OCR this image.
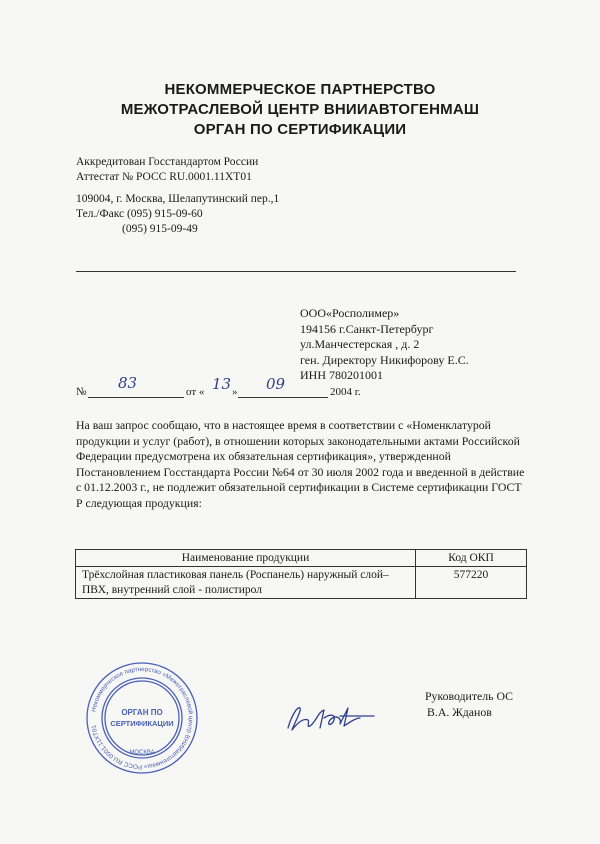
НЕКОММЕРЧЕСКОЕ ПАРТНЕРСТВО
МЕЖОТРАСЛЕВОЙ ЦЕНТР ВНИИАВТОГЕНМАШ
ОРГАН ПО СЕРТИФИКАЦИИ
Аккредитован Госстандартом России
Аттестат № РОСС RU.0001.11ХТ01
109004, г. Москва, Шелапутинский пер.,1
Тел./Факс (095) 915-09-60
(095) 915-09-49
ООО«Роcполимер»
194156 г.Санкт-Петербург
ул.Манчестерская , д. 2
ген. Директору Никифорову Е.С.
ИНН 780201001
№ 83	от « 13 » 09	2004 г.
На ваш запрос сообщаю, что в настоящее время в соответствии с «Номенклатурой продукции и услуг (работ), в отношении которых законодательными актами Российской Федерации предусмотрена их обязательная сертификация», утвержденной Постановлением Госстандарта России №64 от 30 июля 2002 года и введенной в действие с 01.12.2003 г., не подлежит обязательной сертификации в Системе сертификации ГОСТ Р следующая продукция:
Наименование продукции	Код ОКП
Трёхслойная пластиковая панель (Роcпанель) наружный слой– ПВХ, внутренний слой - полистирол	577220
Некоммерческое партнерство «Межотраслевой центр ВНИИавтогенмаш» РОСС RU.0001.11ХТ01
ОРГАН ПО
СЕРТИФИКАЦИИ
МОСКВА
Руководитель ОС
В.А. Жданов
